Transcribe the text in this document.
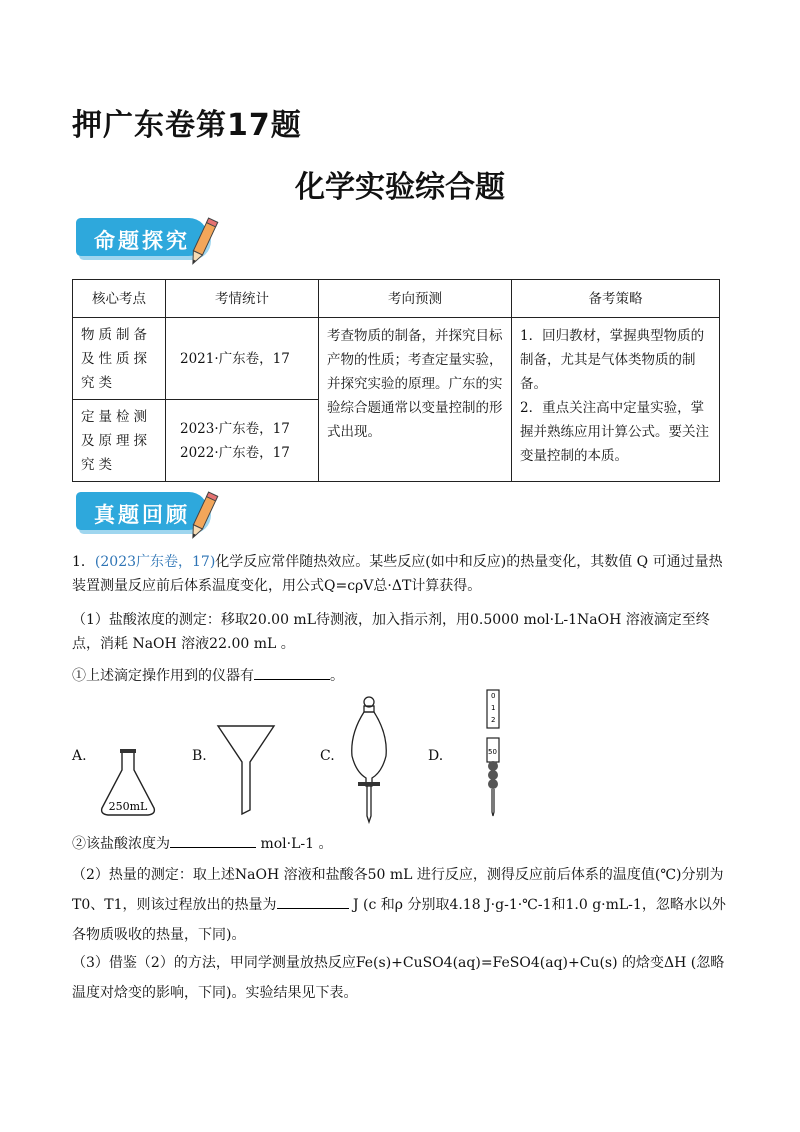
押广东卷第17题
化学实验综合题
命题探究
核心考点	考情统计	考向预测	备考策略
物质制备及性质探究类	2021·广东卷，17	考查物质的制备，并探究目标产物的性质；考查定量实验，并探究实验的原理。广东的实验综合题通常以变量控制的形式出现。	1．回归教材，掌握典型物质的制备，尤其是气体类物质的制备。
2．重点关注高中定量实验，掌握并熟练应用计算公式。要关注变量控制的本质。

定量检测及原理探究类	2023·广东卷，17
2022·广东卷，17		
真题回顾
1．(2023广东卷，17)化学反应常伴随热效应。某些反应(如中和反应)的热量变化，其数值 Q 可通过量热装置测量反应前后体系温度变化，用公式Q=cρV总·ΔT计算获得。
（1）盐酸浓度的测定：移取20.00 mL待测液，加入指示剂，用0.5000 mol·L-1NaOH 溶液滴定至终点，消耗 NaOH 溶液22.00 mL 。
①上述滴定操作用到的仪器有	。
A.
250mL
B.	C.	D.
0
1
2
50
②该盐酸浓度为	mol·L-1 。
（2）热量的测定：取上述NaOH 溶液和盐酸各50 mL 进行反应，测得反应前后体系的温度值(℃)分别为 T0、T1，则该过程放出的热量为	J (c 和ρ 分别取4.18 J·g-1·℃-1和1.0 g·mL-1，忽略水以外各物质吸收的热量，下同)。
（3）借鉴（2）的方法，甲同学测量放热反应Fe(s)+CuSO4(aq)=FeSO4(aq)+Cu(s) 的焓变ΔH (忽略温度对焓变的影响，下同)。实验结果见下表。
